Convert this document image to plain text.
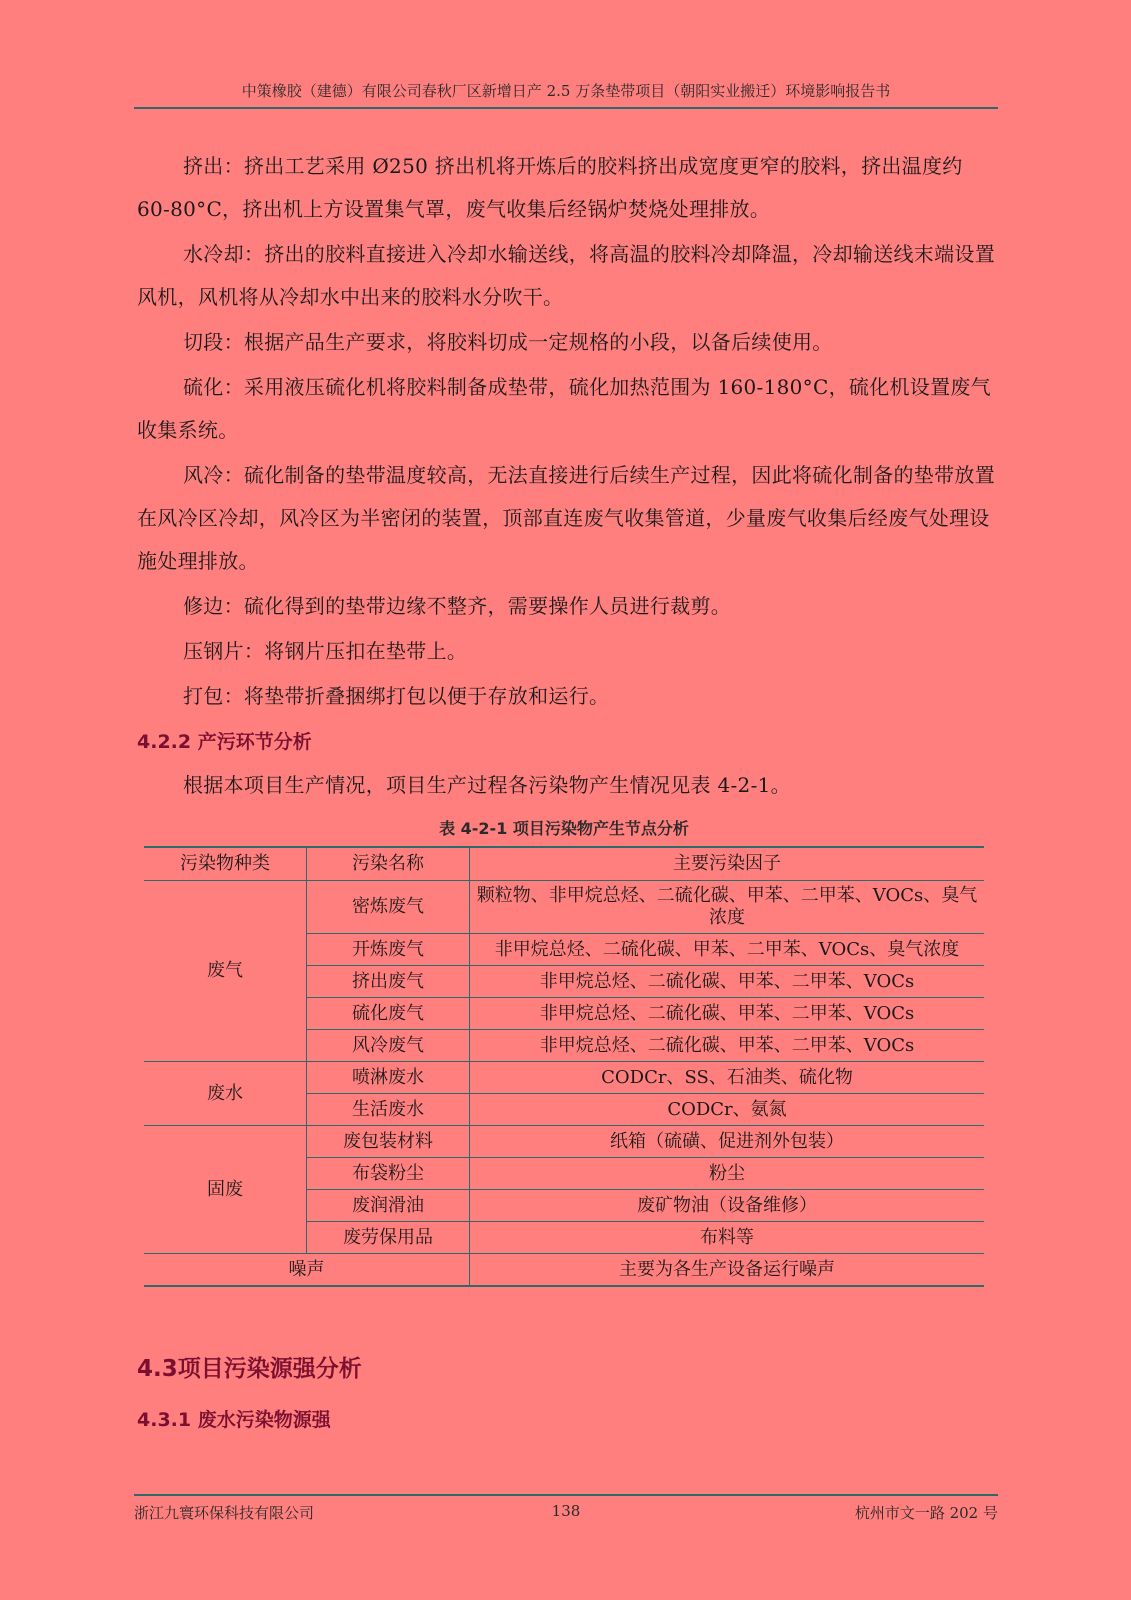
中策橡胶（建德）有限公司春秋厂区新增日产 2.5 万条垫带项目（朝阳实业搬迁）环境影响报告书

挤出：挤出工艺采用 Ø250 挤出机将开炼后的胶料挤出成宽度更窄的胶料，挤出温度约 60-80°C，挤出机上方设置集气罩，废气收集后经锅炉焚烧处理排放。

水冷却：挤出的胶料直接进入冷却水输送线，将高温的胶料冷却降温，冷却输送线末端设置风机，风机将从冷却水中出来的胶料水分吹干。

切段：根据产品生产要求，将胶料切成一定规格的小段，以备后续使用。

硫化：采用液压硫化机将胶料制备成垫带，硫化加热范围为 160-180°C，硫化机设置废气收集系统。

风冷：硫化制备的垫带温度较高，无法直接进行后续生产过程，因此将硫化制备的垫带放置在风冷区冷却，风冷区为半密闭的装置，顶部直连废气收集管道，少量废气收集后经废气处理设施处理排放。

修边：硫化得到的垫带边缘不整齐，需要操作人员进行裁剪。

压钢片：将钢片压扣在垫带上。

打包：将垫带折叠捆绑打包以便于存放和运行。

4.2.2 产污环节分析

根据本项目生产情况，项目生产过程各污染物产生情况见表 4-2-1。

表 4-2-1 项目污染物产生节点分析
污染物种类	污染名称	主要污染因子
废气	密炼废气	颗粒物、非甲烷总烃、二硫化碳、甲苯、二甲苯、VOCs、臭气浓度
	开炼废气	非甲烷总烃、二硫化碳、甲苯、二甲苯、VOCs、臭气浓度
	挤出废气	非甲烷总烃、二硫化碳、甲苯、二甲苯、VOCs
	硫化废气	非甲烷总烃、二硫化碳、甲苯、二甲苯、VOCs
	风冷废气	非甲烷总烃、二硫化碳、甲苯、二甲苯、VOCs
废水	喷淋废水	CODCr、SS、石油类、硫化物
	生活废水	CODCr、氨氮
固废	废包装材料	纸箱（硫磺、促进剂外包装）
	布袋粉尘	粉尘
	废润滑油	废矿物油（设备维修）
	废劳保用品	布料等
噪声		主要为各生产设备运行噪声
4.3项目污染源强分析
4.3.1 废水污染物源强
浙江九寰环保科技有限公司	138	杭州市文一路 202 号
